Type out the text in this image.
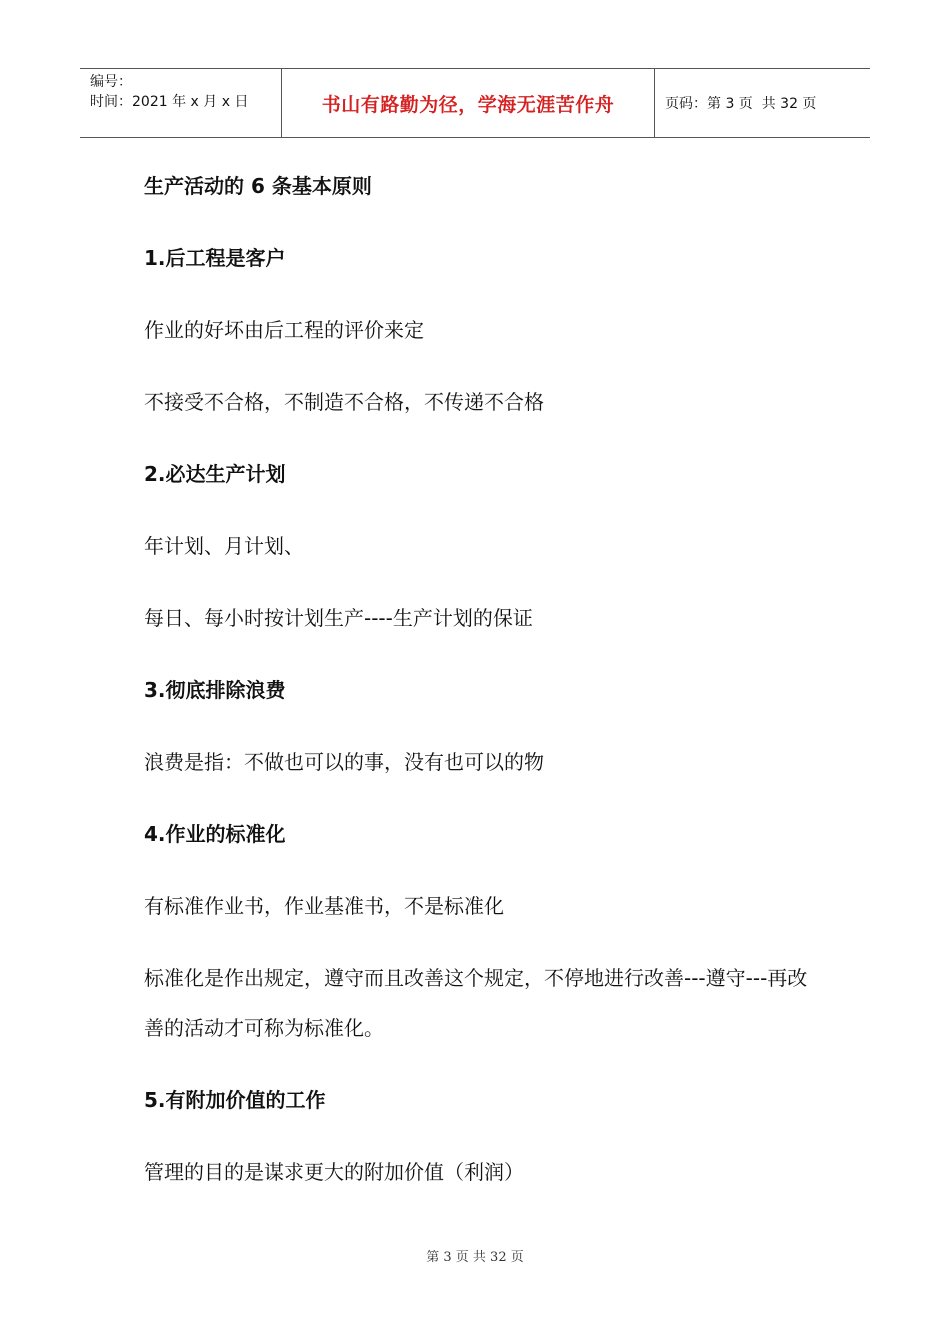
编号：
时间：2021 年 x 月 x 日	书山有路勤为径，学海无涯苦作舟	页码：第 3 页  共 32 页

生产活动的 6 条基本原则

1.后工程是客户

作业的好坏由后工程的评价来定

不接受不合格，不制造不合格，不传递不合格

2.必达生产计划

年计划、月计划、

每日、每小时按计划生产----生产计划的保证

3.彻底排除浪费

浪费是指：不做也可以的事，没有也可以的物

4.作业的标准化

有标准作业书，作业基准书，不是标准化

标准化是作出规定，遵守而且改善这个规定，不停地进行改善---遵守---再改善的活动才可称为标准化。

5.有附加价值的工作

管理的目的是谋求更大的附加价值（利润）

第 3 页 共 32 页
